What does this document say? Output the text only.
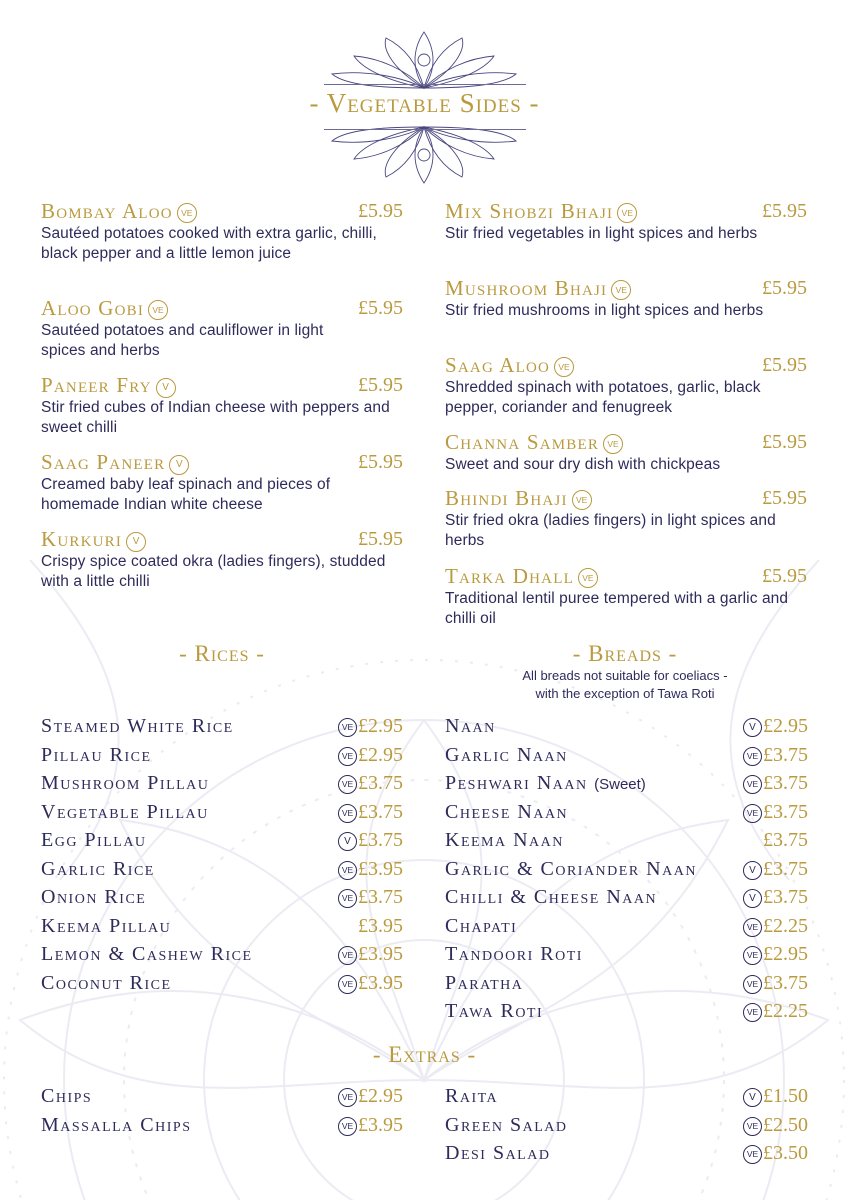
- Vegetable Sides -
Bombay Aloo VE	£5.95
Sautéed potatoes cooked with extra garlic, chilli, black pepper and a little lemon juice
Aloo Gobi VE	£5.95
Sautéed potatoes and cauliflower in light spices and herbs
Paneer Fry V	£5.95
Stir fried cubes of Indian cheese with peppers and sweet chilli
Saag Paneer V	£5.95
Creamed baby leaf spinach and pieces of homemade Indian white cheese
Kurkuri V	£5.95
Crispy spice coated okra (ladies fingers), studded with a little chilli
Mix Shobzi Bhaji VE	£5.95
Stir fried vegetables in light spices and herbs
Mushroom Bhaji VE	£5.95
Stir fried mushrooms in light spices and herbs
Saag Aloo VE	£5.95
Shredded spinach with potatoes, garlic, black pepper, coriander and fenugreek
Channa Samber VE	£5.95
Sweet and sour dry dish with chickpeas
Bhindi Bhaji VE	£5.95
Stir fried okra (ladies fingers) in light spices and herbs
Tarka Dhall VE	£5.95
Traditional lentil puree tempered with a garlic and chilli oil
- Rices -	- Breads -
All breads not suitable for coeliacs -
with the exception of Tawa Roti
- Extras -
Steamed White Rice	VE £2.95
Pillau Rice	VE £2.95
Mushroom Pillau	VE £3.75
Vegetable Pillau	VE £3.75
Egg Pillau	V £3.75
Garlic Rice	VE £3.95
Onion Rice	VE £3.75
Keema Pillau	£3.95
Lemon & Cashew Rice	VE £3.95
Coconut Rice	VE £3.95
Naan	V £2.95
Garlic Naan	VE £3.75
Peshwari Naan (Sweet)	VE £3.75
Cheese Naan	VE £3.75
Keema Naan	£3.75
Garlic & Coriander Naan	V £3.75
Chilli & Cheese Naan	V £3.75
Chapati	VE £2.25
Tandoori Roti	VE £2.95
Paratha	VE £3.75
Tawa Roti	VE £2.25
Chips	VE £2.95
Massalla Chips	VE £3.95
Raita	V £1.50
Green Salad	VE £2.50
Desi Salad	VE £3.50
